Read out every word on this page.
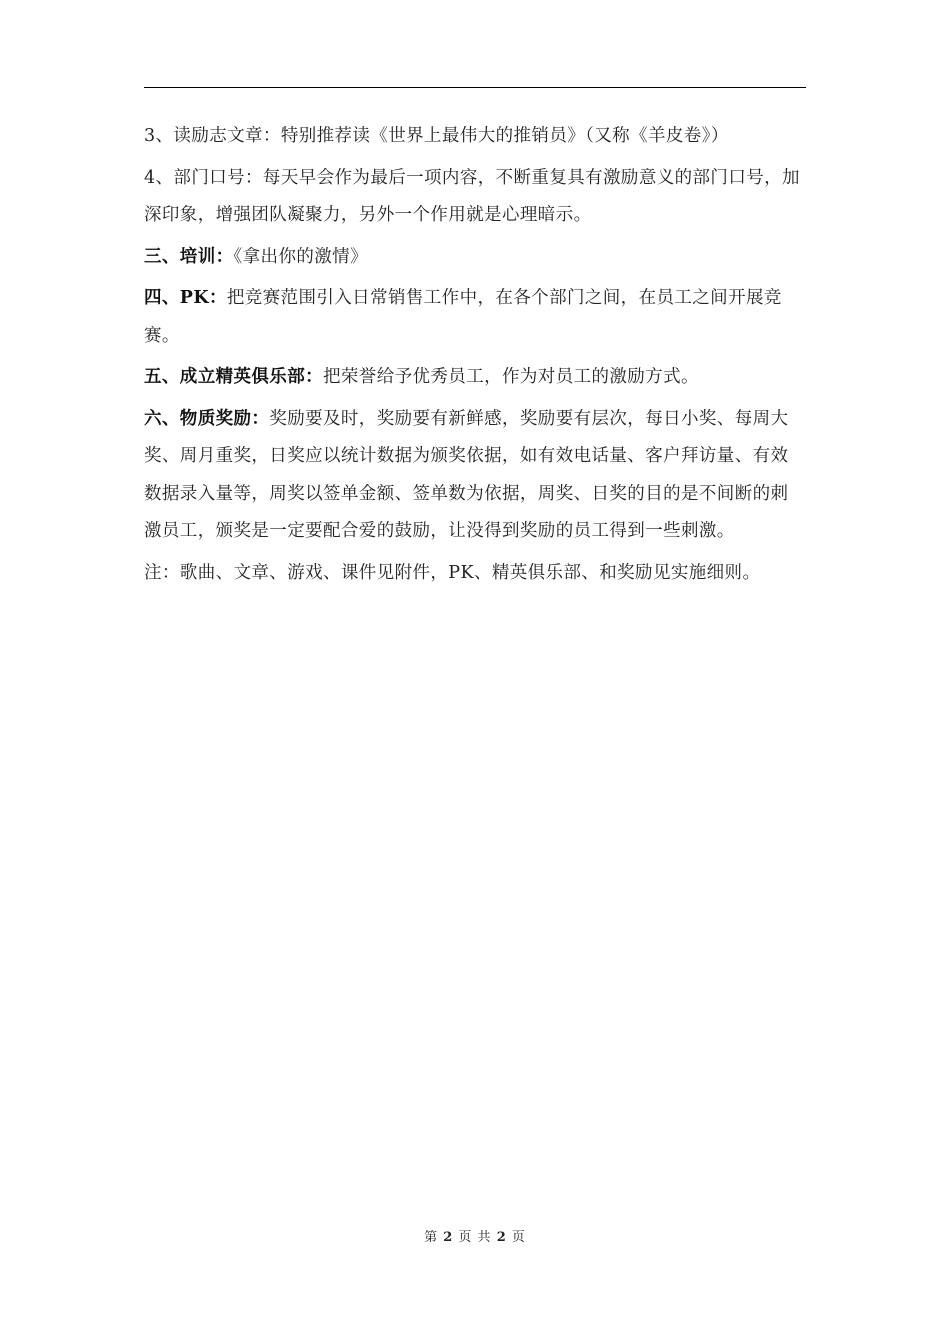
3、读励志文章：特别推荐读《世界上最伟大的推销员》（又称《羊皮卷》）

4、部门口号：每天早会作为最后一项内容，不断重复具有激励意义的部门口号，加深印象，增强团队凝聚力，另外一个作用就是心理暗示。

三、培训：《拿出你的激情》

四、PK：把竞赛范围引入日常销售工作中，在各个部门之间，在员工之间开展竞赛。

五、成立精英俱乐部：把荣誉给予优秀员工，作为对员工的激励方式。

六、物质奖励：奖励要及时，奖励要有新鲜感，奖励要有层次，每日小奖、每周大奖、周月重奖，日奖应以统计数据为颁奖依据，如有效电话量、客户拜访量、有效数据录入量等，周奖以签单金额、签单数为依据，周奖、日奖的目的是不间断的刺激员工，颁奖是一定要配合爱的鼓励，让没得到奖励的员工得到一些刺激。

注：歌曲、文章、游戏、课件见附件，PK、精英俱乐部、和奖励见实施细则。

第 2 页 共 2 页
